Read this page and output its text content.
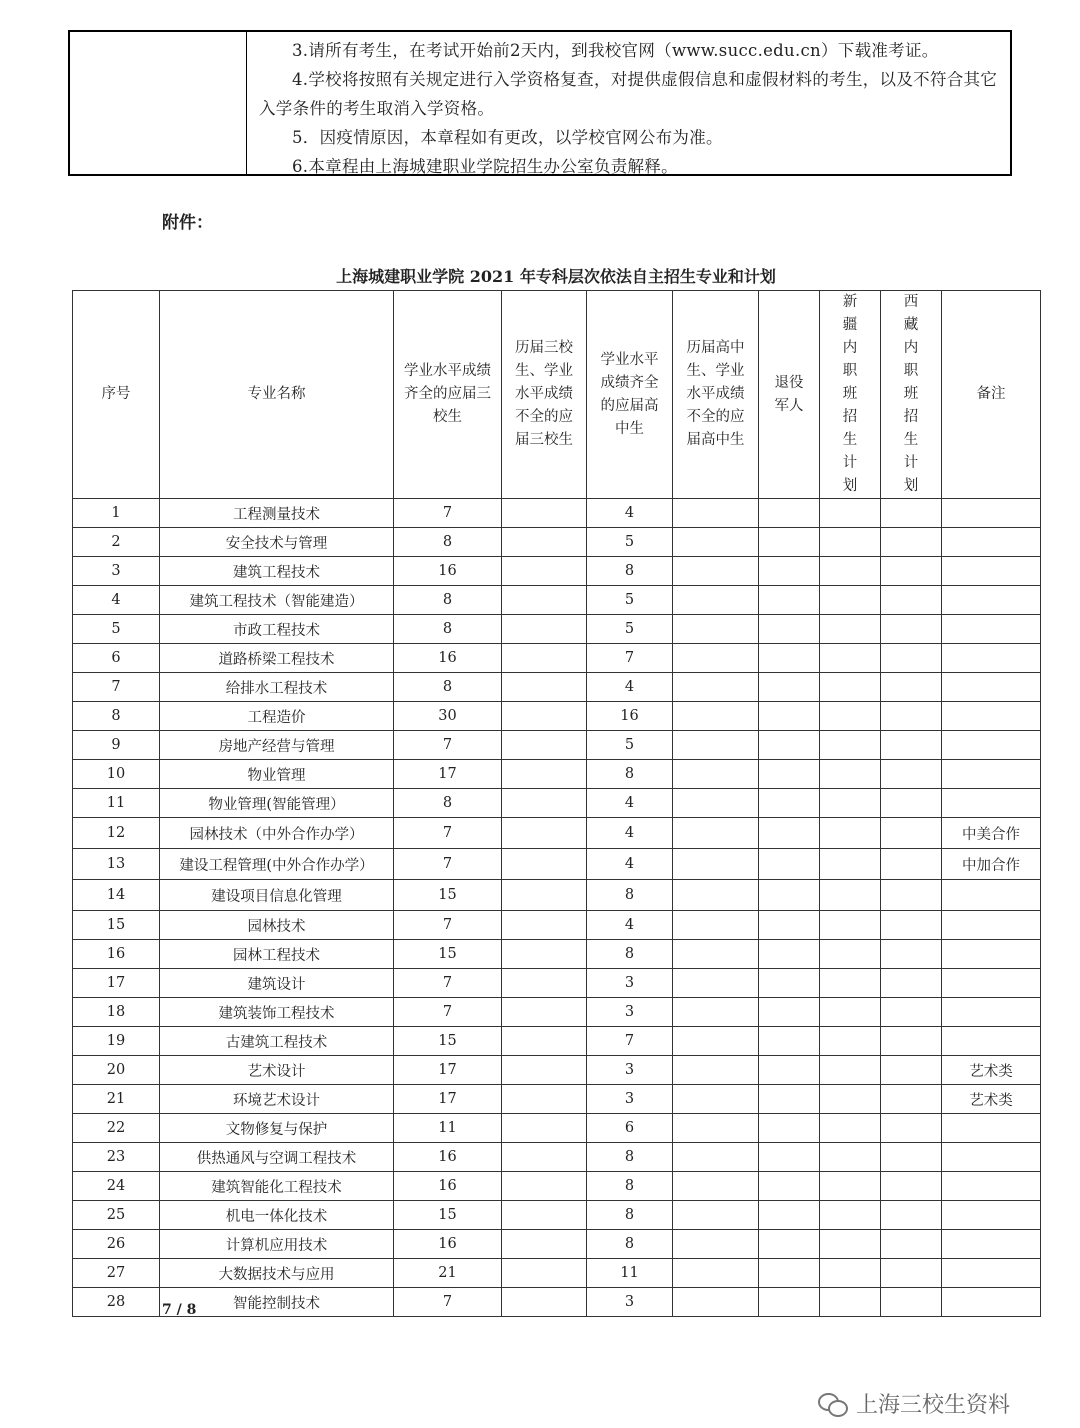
3.请所有考生，在考试开始前2天内，到我校官网（www.succ.edu.cn）下载准考证。

4.学校将按照有关规定进行入学资格复查，对提供虚假信息和虚假材料的考生，以及不符合其它入学条件的考生取消入学资格。

5．因疫情原因，本章程如有更改，以学校官网公布为准。

6.本章程由上海城建职业学院招生办公室负责解释。

附件：
上海城建职业学院 2021 年专科层次依法自主招生专业和计划
序号	专业名称	学业水平成绩齐全的应届三校生	历届三校生、学业水平成绩不全的应届三校生	学业水平成绩齐全的应届高中生	历届高中生、学业水平成绩不全的应届高中生	退役军人	新疆内职班招生计划	西藏内职班招生计划	备注
1	工程测量技术	7		4					
2	安全技术与管理	8		5					
3	建筑工程技术	16		8					
4	建筑工程技术（智能建造）	8		5					
5	市政工程技术	8		5					
6	道路桥梁工程技术	16		7					
7	给排水工程技术	8		4					
8	工程造价	30		16					
9	房地产经营与管理	7		5					
10	物业管理	17		8					
11	物业管理(智能管理）	8		4					
12	园林技术（中外合作办学）	7		4					中美合作
13	建设工程管理(中外合作办学）	7		4					中加合作
14	建设项目信息化管理	15		8					
15	园林技术	7		4					
16	园林工程技术	15		8					
17	建筑设计	7		3					
18	建筑装饰工程技术	7		3					
19	古建筑工程技术	15		7					
20	艺术设计	17		3					艺术类
21	环境艺术设计	17		3					艺术类
22	文物修复与保护	11		6					
23	供热通风与空调工程技术	16		8					
24	建筑智能化工程技术	16		8					
25	机电一体化技术	15		8					
26	计算机应用技术	16		8					
27	大数据技术与应用	21		11					
28	智能控制技术	7		3					
7 / 8
上海三校生资料
